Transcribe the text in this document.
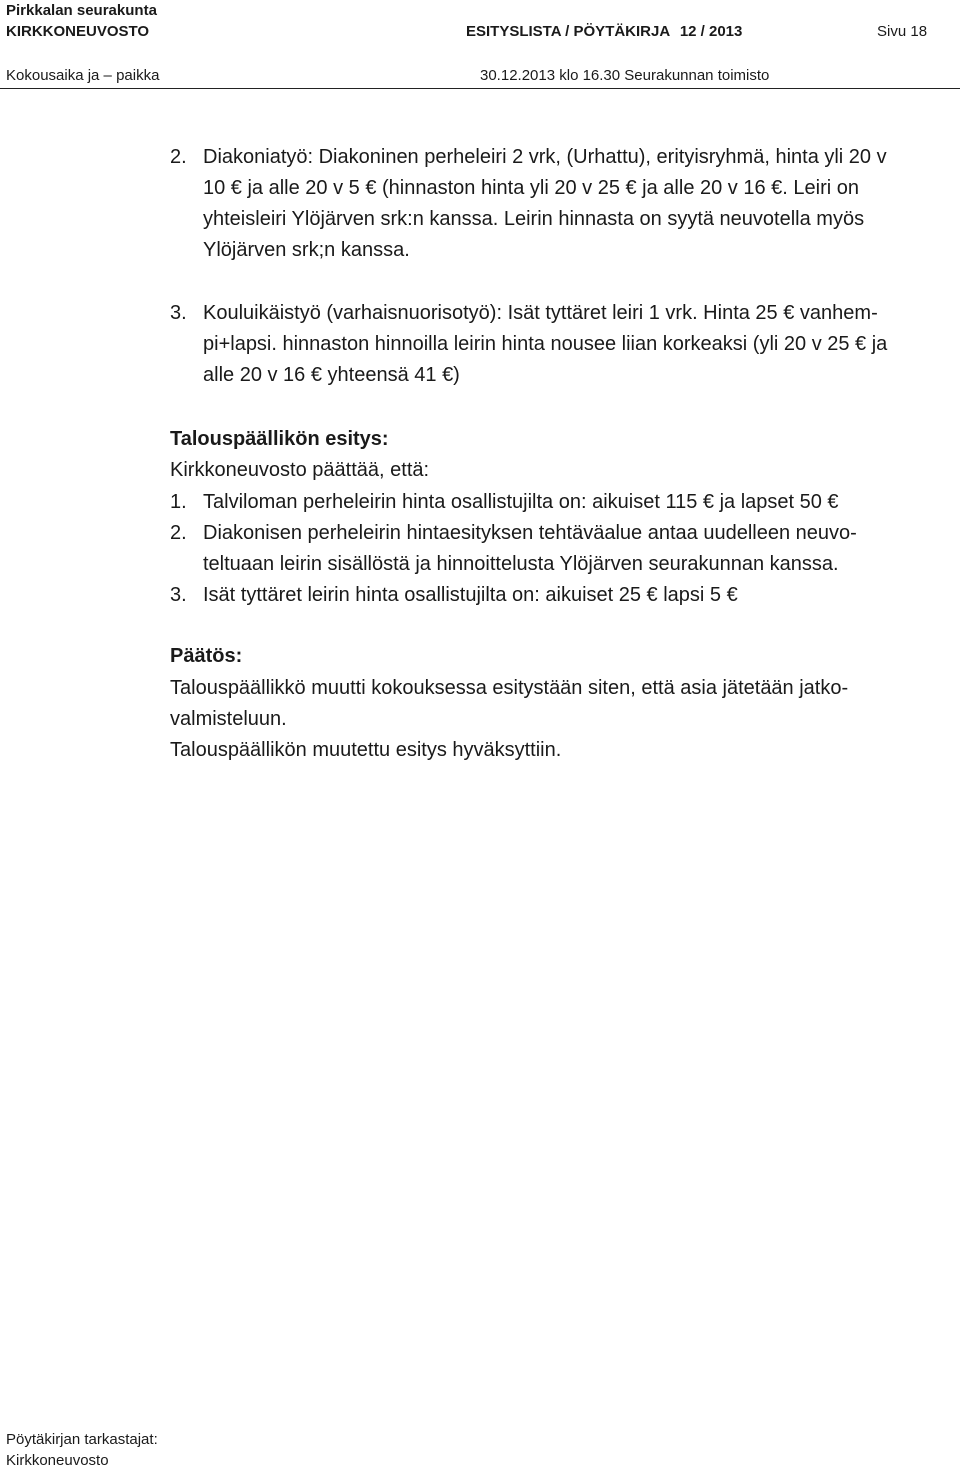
Pirkkalan seurakunta
KIRKKONEUVOSTO	ESITYSLISTA / PÖYTÄKIRJA 12 / 2013	Sivu 18
Kokousaika ja – paikka	30.12.2013 klo 16.30 Seurakunnan toimisto
2. Diakoniatyö: Diakoninen perheleiri 2 vrk, (Urhattu), erityisryhmä, hinta yli 20 v
10 € ja alle 20 v 5 € (hinnaston hinta yli 20 v 25 € ja alle 20 v 16 €. Leiri on
yhteisleiri Ylöjärven srk:n kanssa. Leirin hinnasta on syytä neuvotella myös
Ylöjärven srk;n kanssa.
3. Kouluikäistyö (varhaisnuorisotyö): Isät tyttäret leiri 1 vrk. Hinta 25 € vanhem-
pi+lapsi. hinnaston hinnoilla leirin hinta nousee liian korkeaksi (yli 20 v 25 € ja
alle 20 v 16 € yhteensä 41 €)
Talouspäällikön esitys:
Kirkkoneuvosto päättää, että:
1. Talviloman perheleirin hinta osallistujilta on: aikuiset 115 € ja lapset 50 €
2. Diakonisen perheleirin hintaesityksen tehtäväalue antaa uudelleen neuvo-
teltuaan leirin sisällöstä ja hinnoittelusta Ylöjärven seurakunnan kanssa.
3. Isät tyttäret leirin hinta osallistujilta on: aikuiset 25 € lapsi 5 €
Päätös:
Talouspäällikkö muutti kokouksessa esitystään siten, että asia jätetään jatko-
valmisteluun.
Talouspäällikön muutettu esitys hyväksyttiin.
Pöytäkirjan tarkastajat:
Kirkkoneuvosto
